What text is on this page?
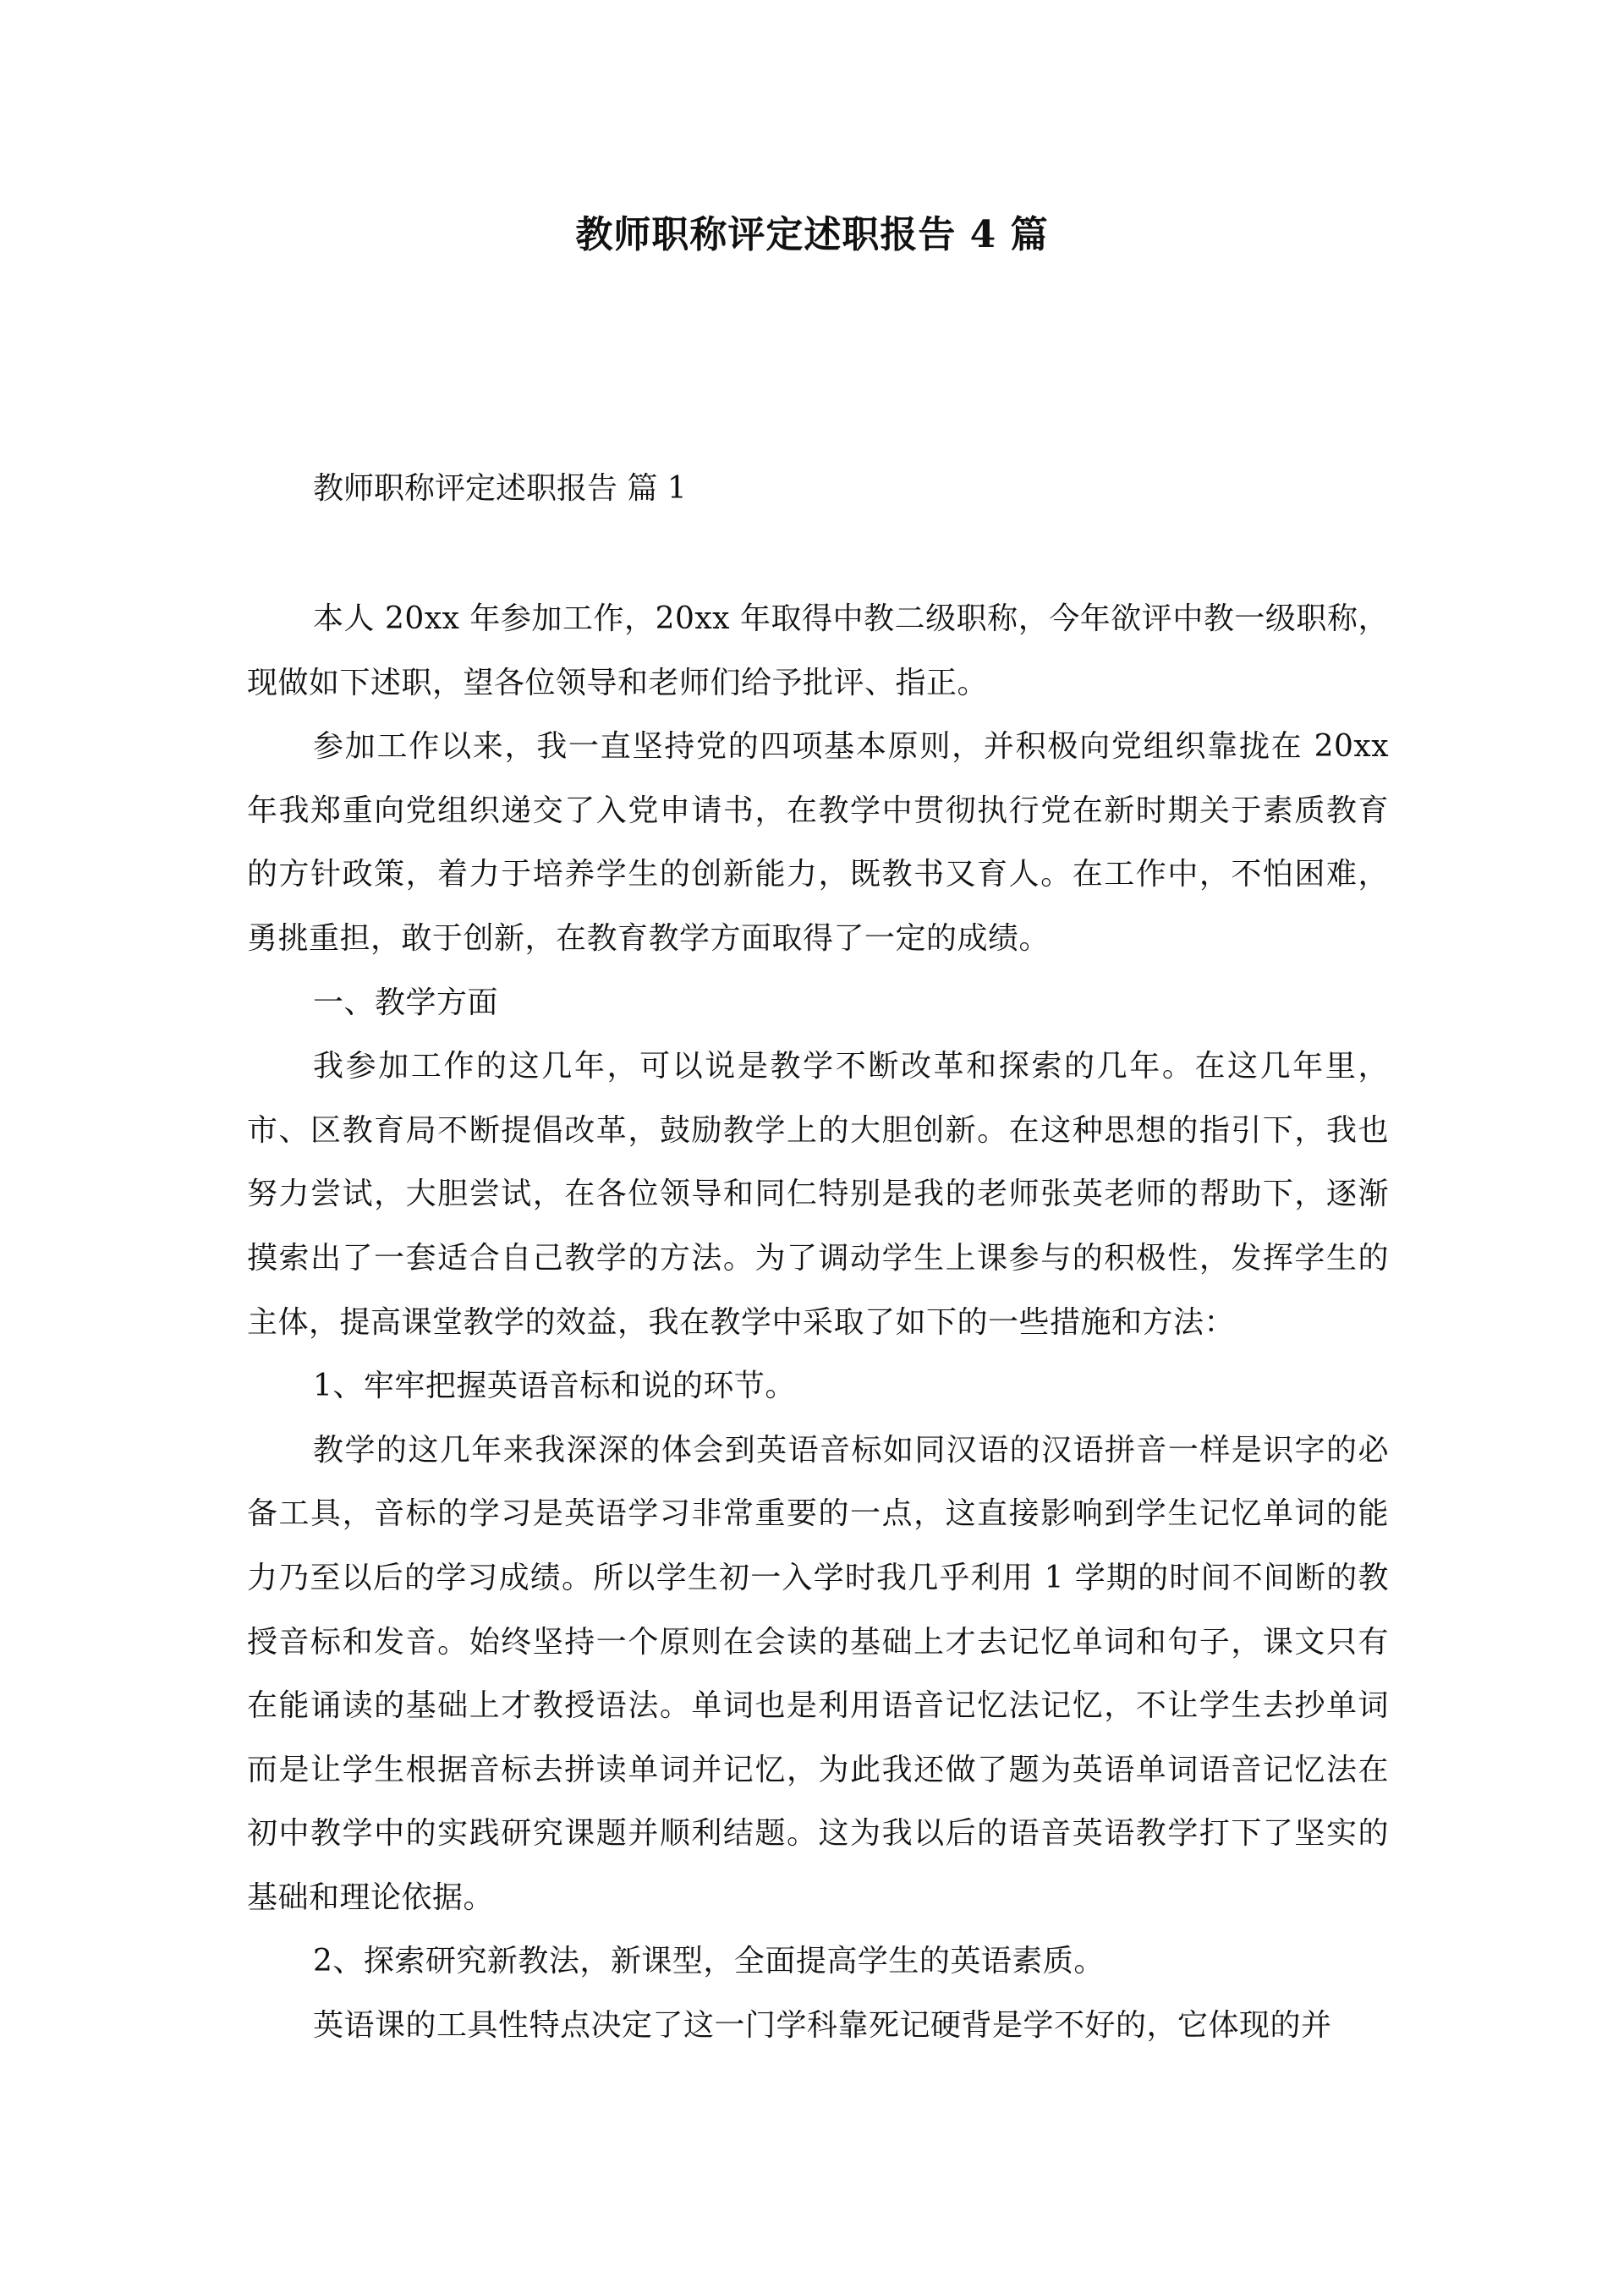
教师职称评定述职报告 4 篇

教师职称评定述职报告 篇 1

本人 20xx 年参加工作，20xx 年取得中教二级职称，今年欲评中教一级职称，现做如下述职，望各位领导和老师们给予批评、指正。

参加工作以来，我一直坚持党的四项基本原则，并积极向党组织靠拢在 20xx 年我郑重向党组织递交了入党申请书，在教学中贯彻执行党在新时期关于素质教育的方针政策，着力于培养学生的创新能力，既教书又育人。在工作中，不怕困难，勇挑重担，敢于创新，在教育教学方面取得了一定的成绩。

一、教学方面

我参加工作的这几年，可以说是教学不断改革和探索的几年。在这几年里，市、区教育局不断提倡改革，鼓励教学上的大胆创新。在这种思想的指引下，我也努力尝试，大胆尝试，在各位领导和同仁特别是我的老师张英老师的帮助下，逐渐摸索出了一套适合自己教学的方法。为了调动学生上课参与的积极性，发挥学生的主体，提高课堂教学的效益，我在教学中采取了如下的一些措施和方法：

1、牢牢把握英语音标和说的环节。

教学的这几年来我深深的体会到英语音标如同汉语的汉语拼音一样是识字的必备工具，音标的学习是英语学习非常重要的一点，这直接影响到学生记忆单词的能力乃至以后的学习成绩。所以学生初一入学时我几乎利用 1 学期的时间不间断的教授音标和发音。始终坚持一个原则在会读的基础上才去记忆单词和句子，课文只有在能诵读的基础上才教授语法。单词也是利用语音记忆法记忆，不让学生去抄单词而是让学生根据音标去拼读单词并记忆，为此我还做了题为英语单词语音记忆法在初中教学中的实践研究课题并顺利结题。这为我以后的语音英语教学打下了坚实的基础和理论依据。

2、探索研究新教法，新课型，全面提高学生的英语素质。

英语课的工具性特点决定了这一门学科靠死记硬背是学不好的，它体现的并
